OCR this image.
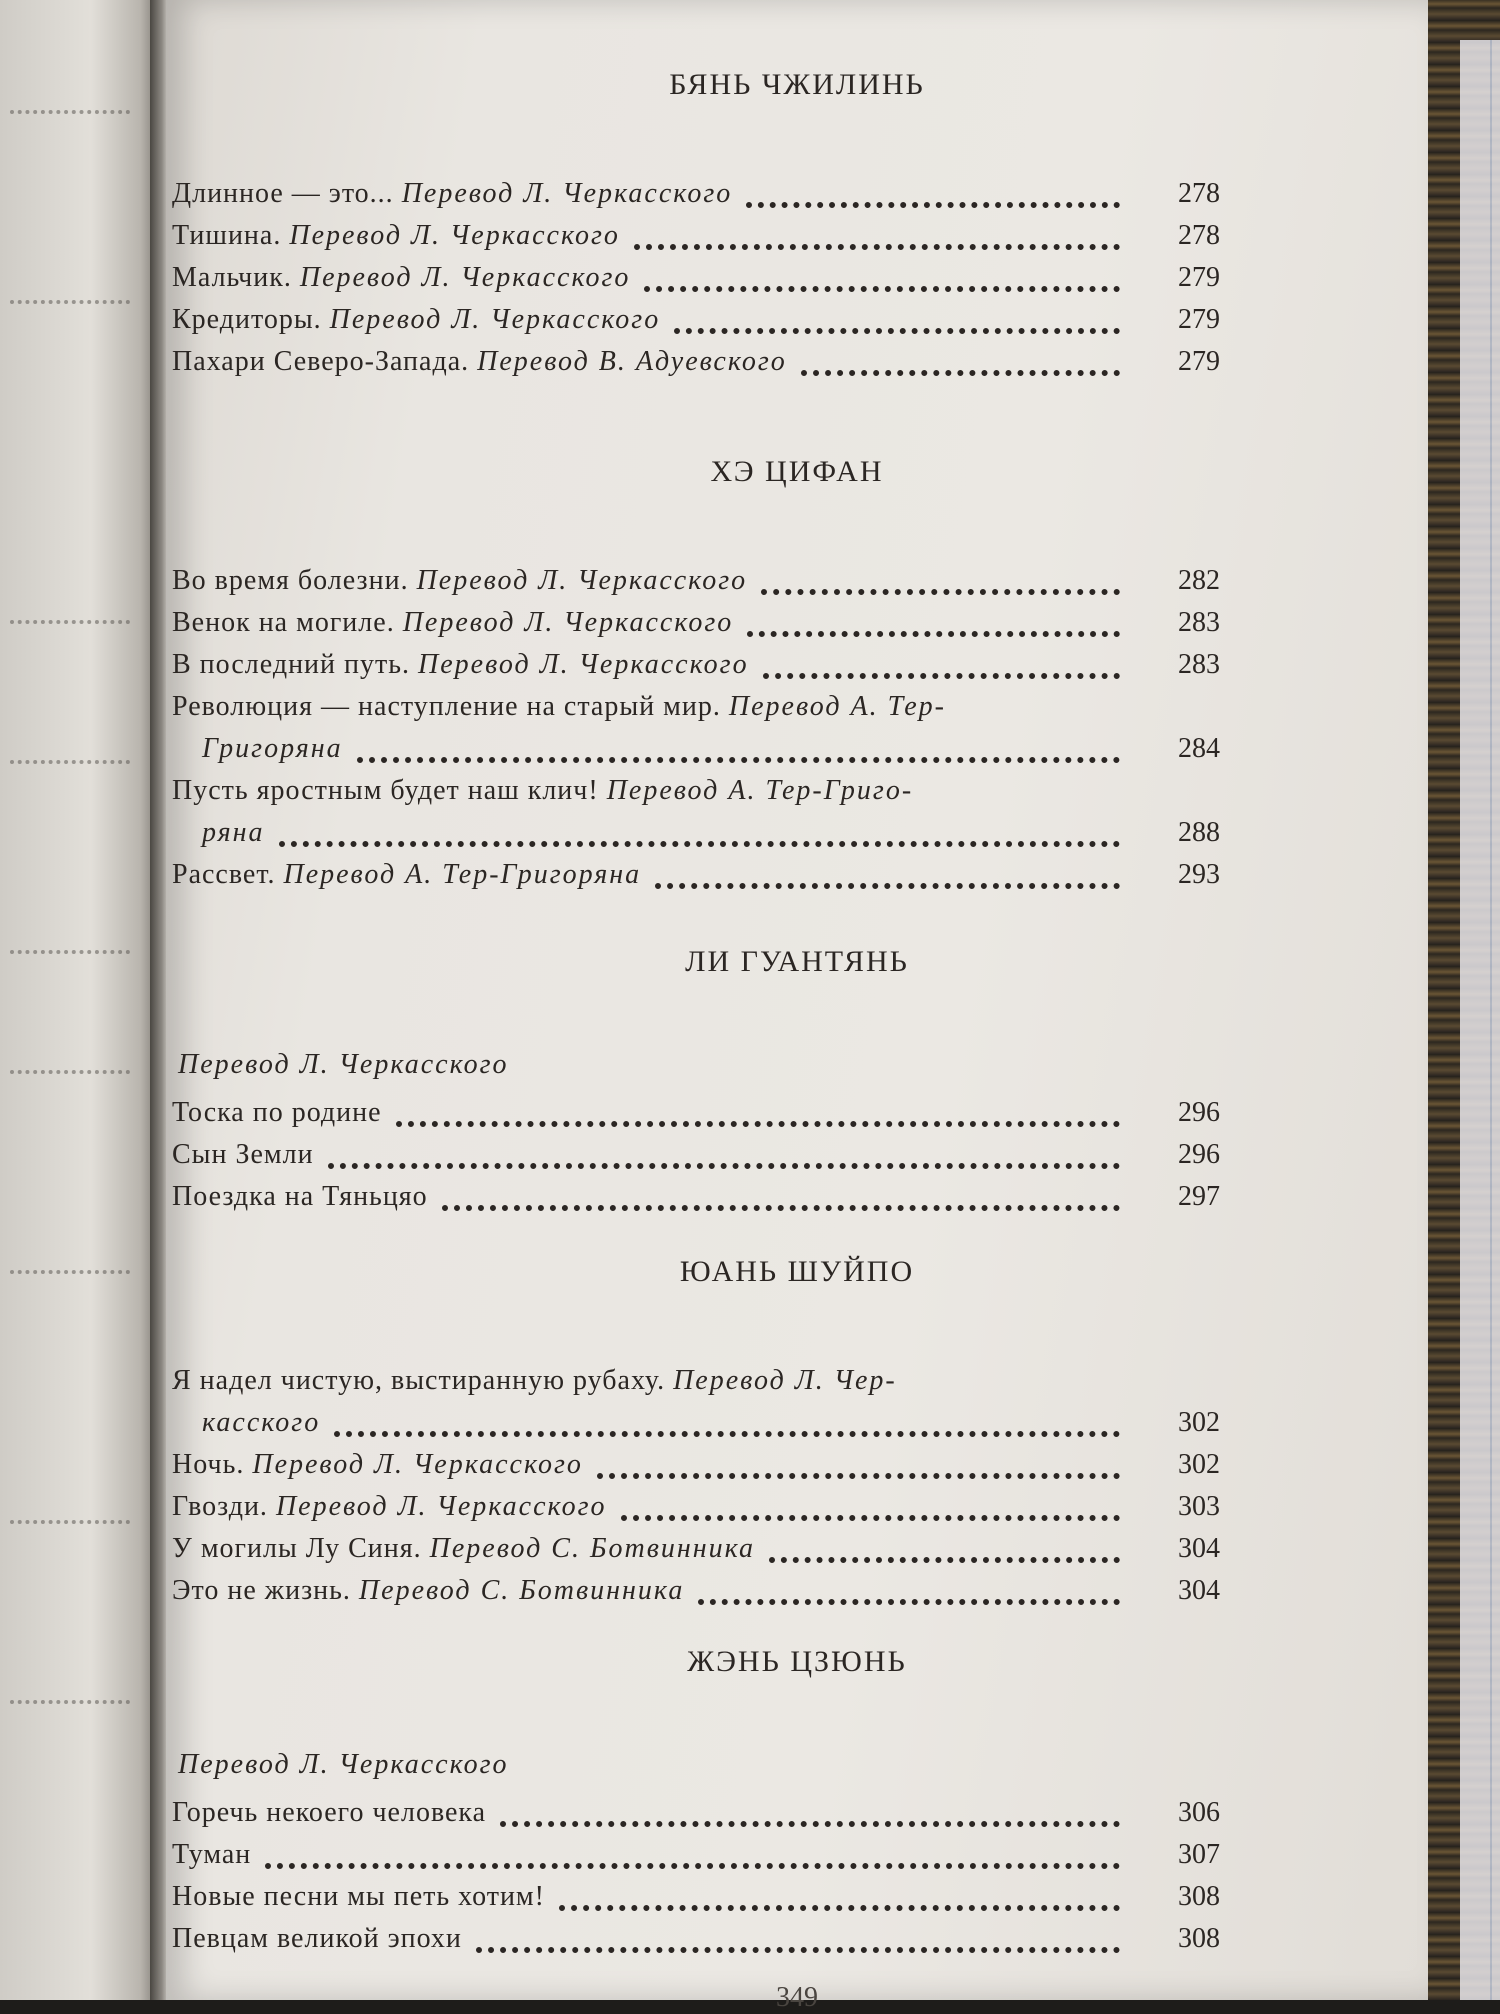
БЯНЬ ЧЖИЛИНЬ
Длинное — это... Перевод Л. Черкасского	278
Тишина. Перевод Л. Черкасского	278
Мальчик. Перевод Л. Черкасского	279
Кредиторы. Перевод Л. Черкасского	279
Пахари Северо-Запада. Перевод В. Адуевского	279
ХЭ ЦИФАН
Во время болезни. Перевод Л. Черкасского	282
Венок на могиле. Перевод Л. Черкасского	283
В последний путь. Перевод Л. Черкасского	283
Революция — наступление на старый мир. Перевод А. Тер-
Григоряна	284
Пусть яростным будет наш клич! Перевод А. Тер-Григо-
ряна	288
Рассвет. Перевод А. Тер-Григоряна	293
ЛИ ГУАНТЯНЬ
Перевод Л. Черкасского
Тоска по родине	296
Сын Земли	296
Поездка на Тяньцяо	297
ЮАНЬ ШУЙПО
Я надел чистую, выстиранную рубаху. Перевод Л. Чер-
касского	302
Ночь. Перевод Л. Черкасского	302
Гвозди. Перевод Л. Черкасского	303
У могилы Лу Синя. Перевод С. Ботвинника	304
Это не жизнь. Перевод С. Ботвинника	304
ЖЭНЬ ЦЗЮНЬ
Перевод Л. Черкасского
Горечь некоего человека	306
Туман	307
Новые песни мы петь хотим!	308
Певцам великой эпохи	308
349
